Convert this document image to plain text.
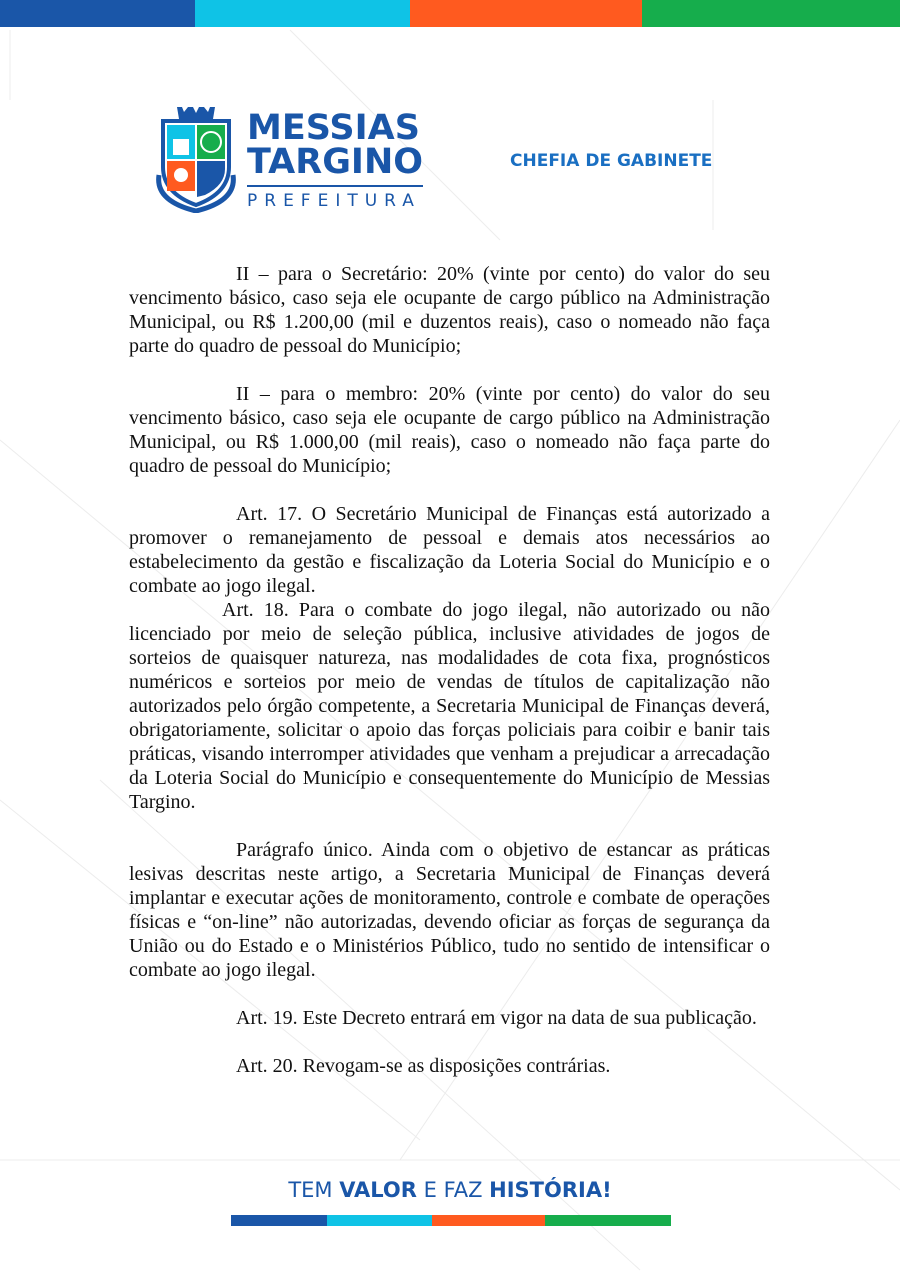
MESSIAS
TARGINO
PREFEITURA
CHEFIA DE GABINETE

II – para o Secretário: 20% (vinte por cento) do valor do seu vencimento básico, caso seja ele ocupante de cargo público na Administração Municipal, ou R$ 1.200,00 (mil e duzentos reais), caso o nomeado não faça parte do quadro de pessoal do Município;

II – para o membro: 20% (vinte por cento) do valor do seu vencimento básico, caso seja ele ocupante de cargo público na Administração Municipal, ou R$ 1.000,00 (mil reais), caso o nomeado não faça parte do quadro de pessoal do Município;

Art. 17. O Secretário Municipal de Finanças está autorizado a promover o remanejamento de pessoal e demais atos necessários ao estabelecimento da gestão e fiscalização da Loteria Social do Município e o combate ao jogo ilegal.

Art. 18. Para o combate do jogo ilegal, não autorizado ou não licenciado por meio de seleção pública, inclusive atividades de jogos de sorteios de quaisquer natureza, nas modalidades de cota fixa, prognósticos numéricos e sorteios por meio de vendas de títulos de capitalização não autorizados pelo órgão competente, a Secretaria Municipal de Finanças deverá, obrigatoriamente, solicitar o apoio das forças policiais para coibir e banir tais práticas, visando interromper atividades que venham a prejudicar a arrecadação da Loteria Social do Município e consequentemente do Município de Messias Targino.

Parágrafo único. Ainda com o objetivo de estancar as práticas lesivas descritas neste artigo, a Secretaria Municipal de Finanças deverá implantar e executar ações de monitoramento, controle e combate de operações físicas e “on-line” não autorizadas, devendo oficiar as forças de segurança da União ou do Estado e o Ministérios Público, tudo no sentido de intensificar o combate ao jogo ilegal.

Art. 19. Este Decreto entrará em vigor na data de sua publicação.

Art. 20. Revogam-se as disposições contrárias.

TEM VALOR E FAZ HISTÓRIA!
